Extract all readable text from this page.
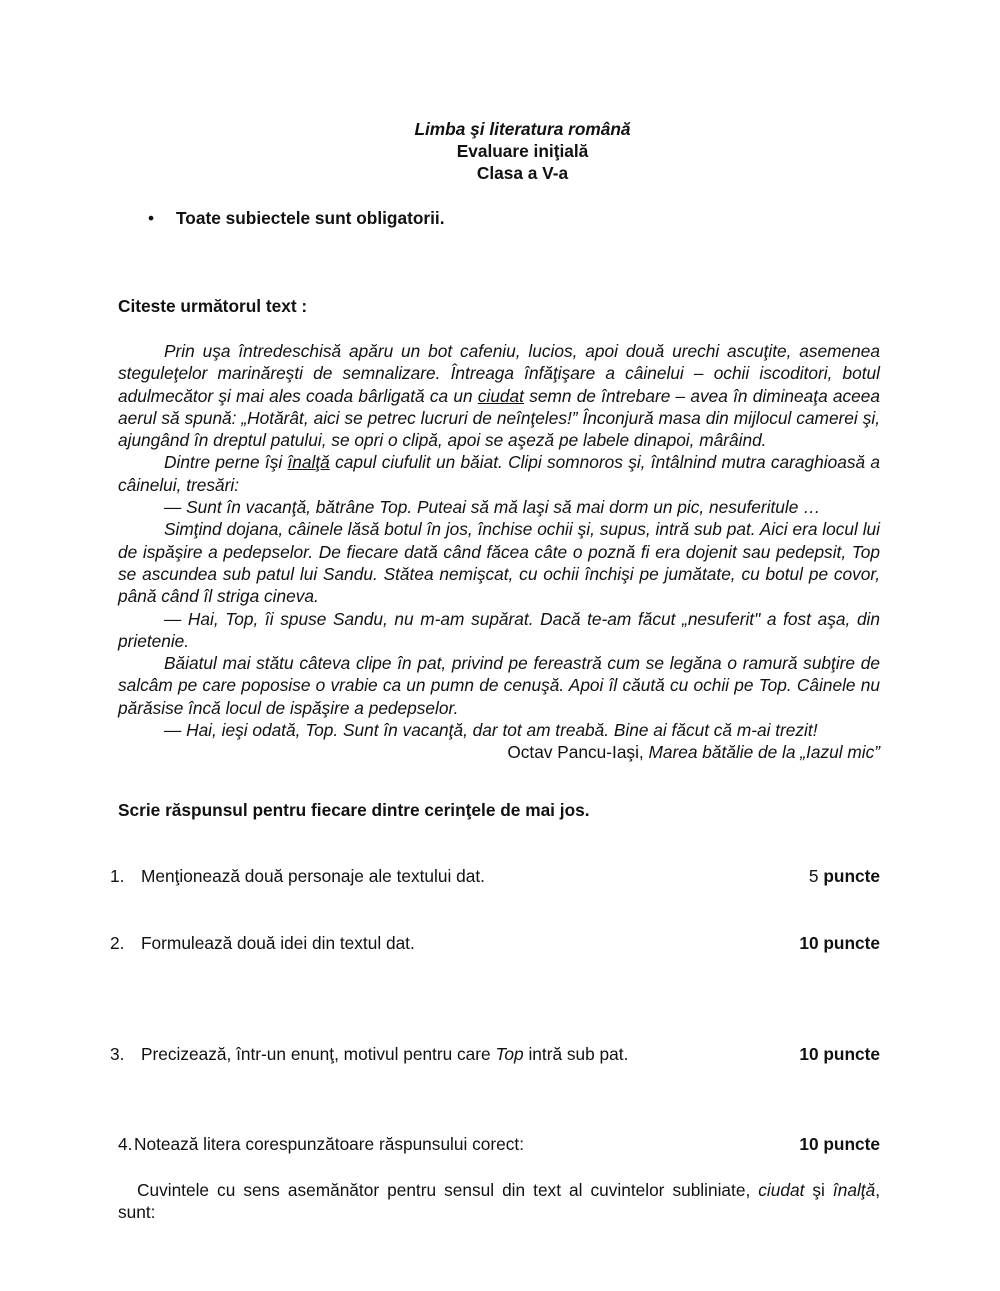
Limba şi literatura română
Evaluare iniţială
Clasa a V-a
• Toate subiectele sunt obligatorii.
Citeste următorul text :

Prin uşa întredeschisă apăru un bot cafeniu, lucios, apoi două urechi ascuţite, asemenea steguleţelor marinăreşti de semnalizare. Întreaga înfăţişare a câinelui – ochii iscoditori, botul adulmecător şi mai ales coada bârligată ca un ciudat semn de întrebare – avea în dimineaţa aceea aerul să spună: „Hotărât, aici se petrec lucruri de neînţeles!” Înconjură masa din mijlocul camerei şi, ajungând în dreptul patului, se opri o clipă, apoi se aşeză pe labele dinapoi, mârâind.

Dintre perne îşi înalţă capul ciufulit un băiat. Clipi somnoros şi, întâlnind mutra caraghioasă a câinelui, tresări:

— Sunt în vacanţă, bătrâne Top. Puteai să mă laşi să mai dorm un pic, nesuferitule …

Simţind dojana, câinele lăsă botul în jos, închise ochii şi, supus, intră sub pat. Aici era locul lui de ispăşire a pedepselor. De fiecare dată când făcea câte o poznă fi era dojenit sau pedepsit, Top se ascundea sub patul lui Sandu. Stătea nemişcat, cu ochii închişi pe jumătate, cu botul pe covor, până când îl striga cineva.

— Hai, Top, îi spuse Sandu, nu m-am supărat. Dacă te-am făcut „nesuferit" a fost aşa, din prietenie.

Băiatul mai stătu câteva clipe în pat, privind pe fereastră cum se legăna o ramură subţire de salcâm pe care poposise o vrabie ca un pumn de cenuşă. Apoi îl căută cu ochii pe Top. Câinele nu părăsise încă locul de ispăşire a pedepselor.

— Hai, ieşi odată, Top. Sunt în vacanţă, dar tot am treabă. Bine ai făcut că m-ai trezit!

Octav Pancu-Iaşi, Marea bătălie de la „Iazul mic”

Scrie răspunsul pentru fiecare dintre cerinţele de mai jos.
1. Menţionează două personaje ale textului dat.	5 puncte
2. Formulează două idei din textul dat.	10 puncte
3. Precizează, într-un enunţ, motivul pentru care Top intră sub pat.	10 puncte
4. Notează litera corespunzătoare răspunsului corect:	10 puncte
Cuvintele cu sens asemănător pentru sensul din text al cuvintelor subliniate, ciudat şi înalţă,
sunt:
